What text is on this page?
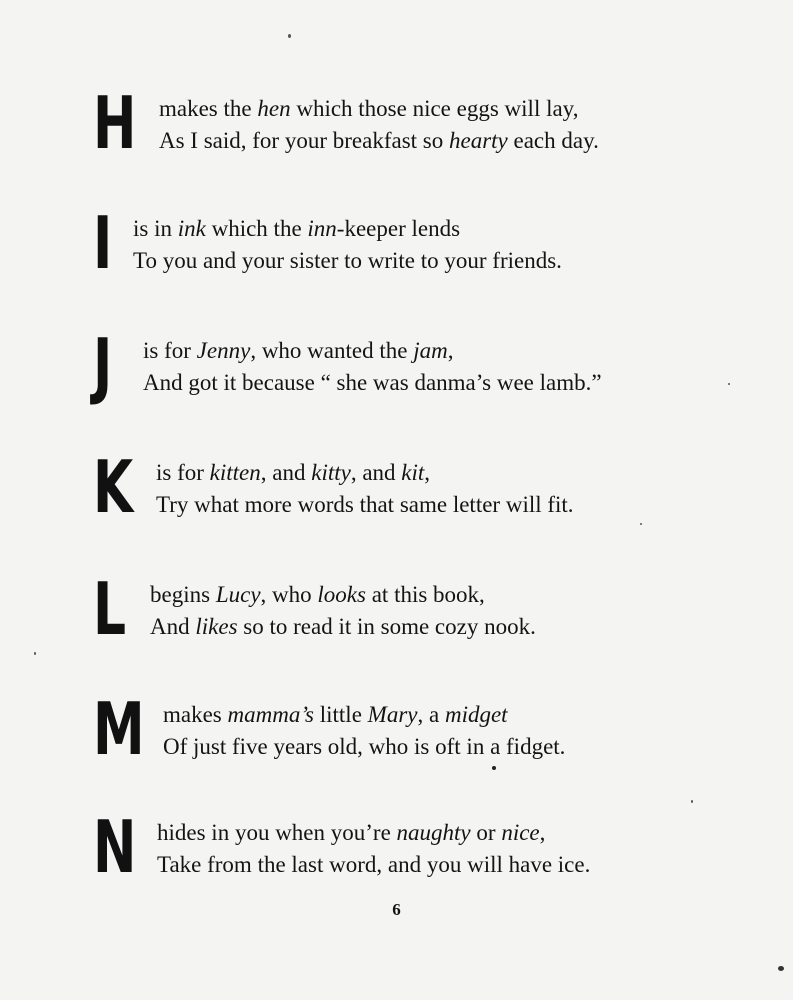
H makes the hen which those nice eggs will lay,
As I said, for your breakfast so hearty each day.
I is in ink which the inn-keeper lends
To you and your sister to write to your friends.
J is for Jenny, who wanted the jam,
And got it because “ she was danma’s wee lamb.”
K is for kitten, and kitty, and kit,
Try what more words that same letter will fit.
L begins Lucy, who looks at this book,
And likes so to read it in some cozy nook.
M makes mamma’s little Mary, a midget
Of just five years old, who is oft in a fidget.
N hides in you when you’re naughty or nice,
Take from the last word, and you will have ice.
6
